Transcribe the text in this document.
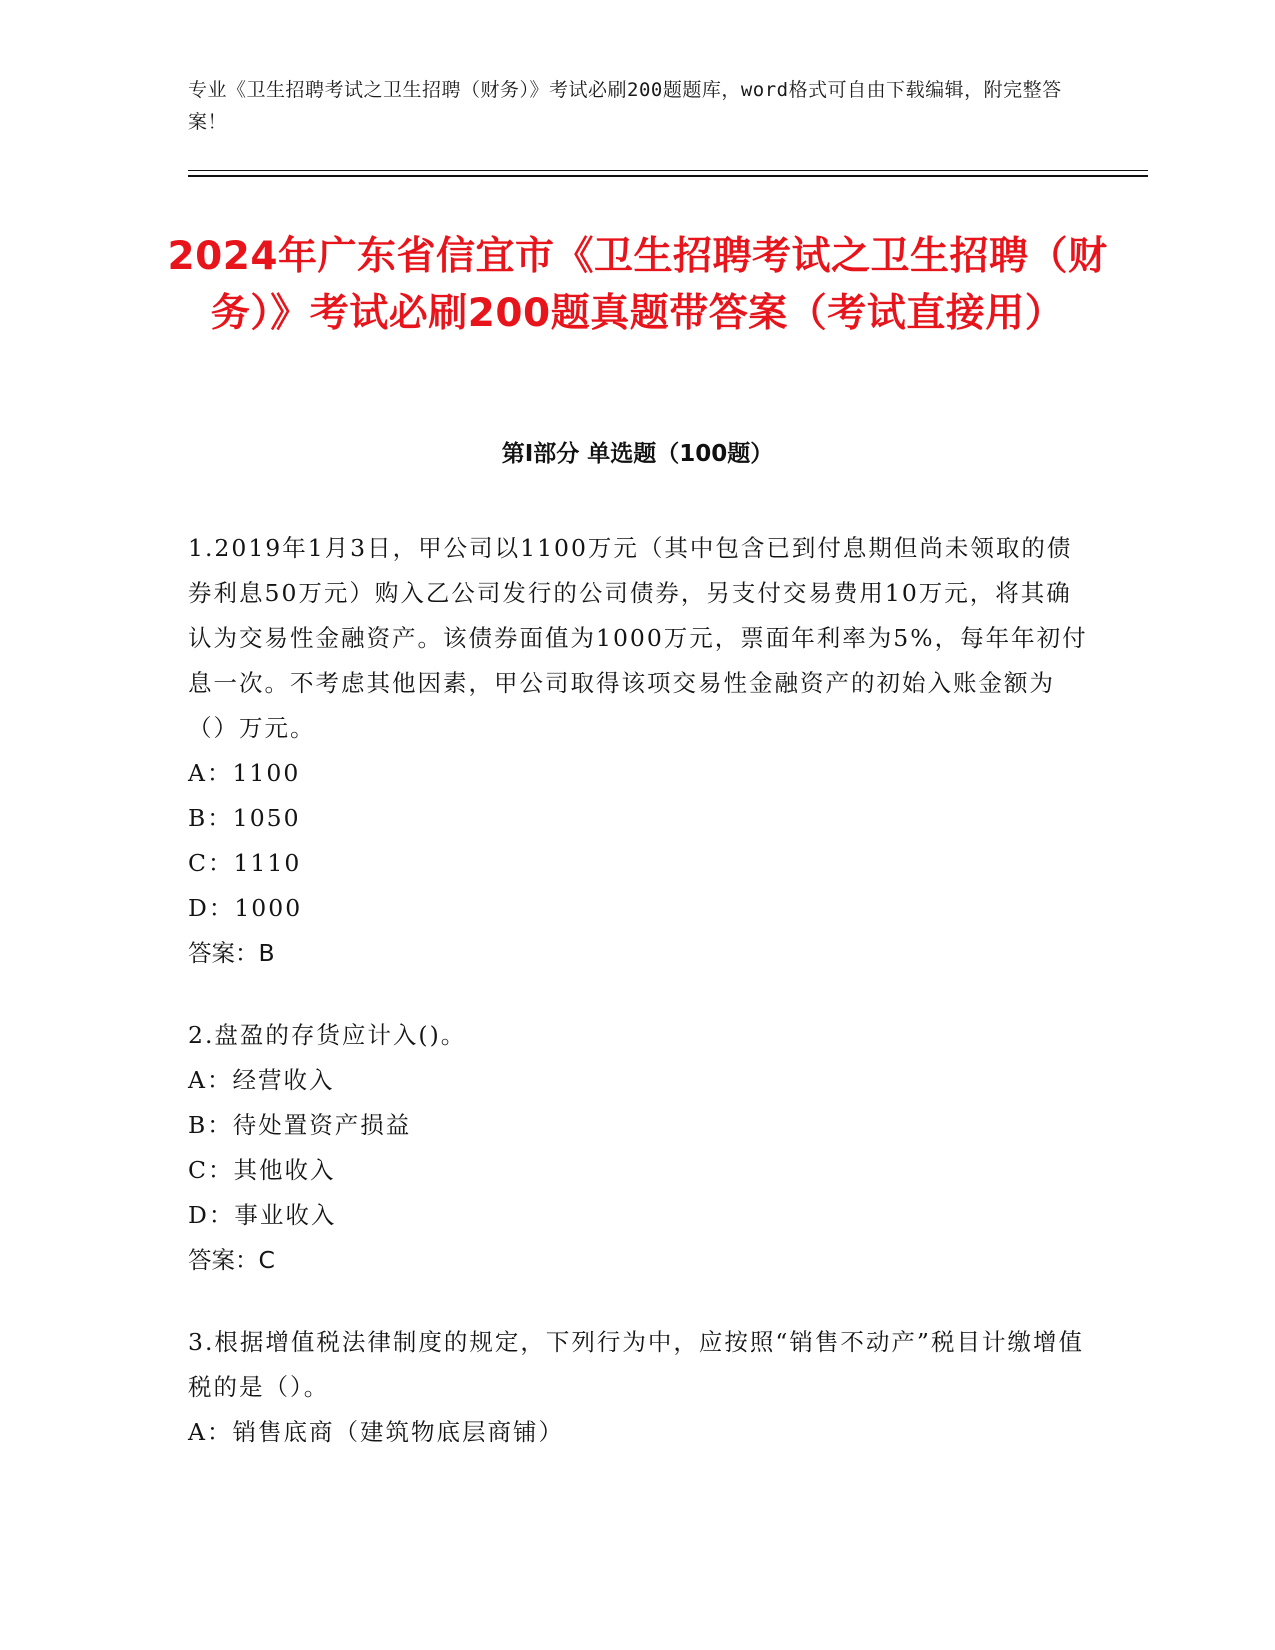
专业《卫生招聘考试之卫生招聘（财务）》考试必刷200题题库，word格式可自由下载编辑，附完整答案！
2024年广东省信宜市《卫生招聘考试之卫生招聘（财务）》考试必刷200题真题带答案（考试直接用）
第Ⅰ部分 单选题（100题）

1.2019年1月3日，甲公司以1100万元（其中包含已到付息期但尚未领取的债券利息50万元）购入乙公司发行的公司债券，另支付交易费用10万元，将其确认为交易性金融资产。该债券面值为1000万元，票面年利率为5%，每年年初付息一次。不考虑其他因素，甲公司取得该项交易性金融资产的初始入账金额为（）万元。

A：1100

B：1050

C：1110

D：1000

答案：B

2.盘盈的存货应计入()。

A：经营收入

B：待处置资产损益

C：其他收入

D：事业收入

答案：C

3.根据增值税法律制度的规定，下列行为中，应按照“销售不动产”税目计缴增值税的是（）。

A：销售底商（建筑物底层商铺）
